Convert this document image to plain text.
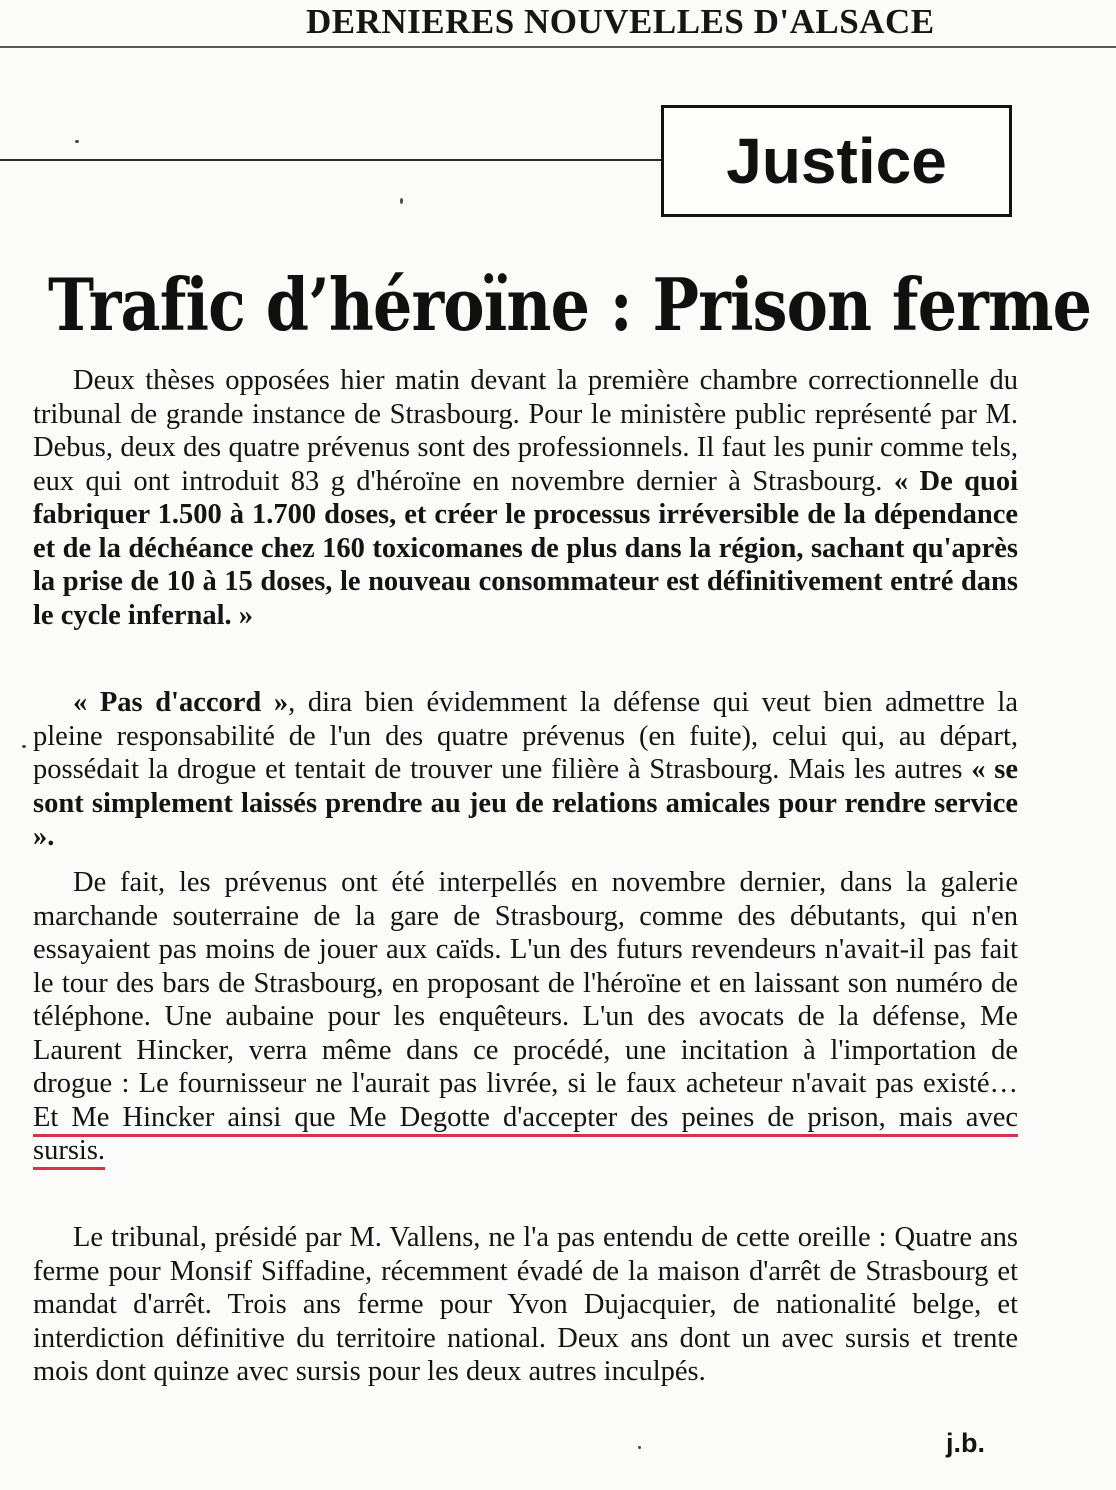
DERNIERES NOUVELLES D'ALSACE
Justice
Trafic d’héroïne : Prison ferme
Deux thèses opposées hier matin devant la première chambre correctionnelle du tribunal de grande instance de Strasbourg. Pour le ministère public représenté par M. Debus, deux des quatre prévenus sont des professionnels. Il faut les punir comme tels, eux qui ont introduit 83 g d'héroïne en novembre dernier à Strasbourg. « De quoi fabriquer 1.500 à 1.700 doses, et créer le processus irréversible de la dépendance et de la déchéance chez 160 toxicomanes de plus dans la région, sachant qu'après la prise de 10 à 15 doses, le nouveau consommateur est définitivement entré dans le cycle infernal. »
« Pas d'accord », dira bien évidemment la défense qui veut bien admettre la pleine responsabilité de l'un des quatre prévenus (en fuite), celui qui, au départ, possédait la drogue et tentait de trouver une filière à Strasbourg. Mais les autres « se sont simplement laissés prendre au jeu de relations amicales pour rendre service ».
De fait, les prévenus ont été interpellés en novembre dernier, dans la galerie marchande souterraine de la gare de Strasbourg, comme des débutants, qui n'en essayaient pas moins de jouer aux caïds. L'un des futurs revendeurs n'avait-il pas fait le tour des bars de Strasbourg, en proposant de l'héroïne et en laissant son numéro de téléphone. Une aubaine pour les enquêteurs. L'un des avocats de la défense, Me Laurent Hincker, verra même dans ce procédé, une incitation à l'importation de drogue : Le fournisseur ne l'aurait pas livrée, si le faux acheteur n'avait pas existé… Et Me Hincker ainsi que Me Degotte d'accepter des peines de prison, mais avec sursis.
Le tribunal, présidé par M. Vallens, ne l'a pas entendu de cette oreille : Quatre ans ferme pour Monsif Siffadine, récemment évadé de la maison d'arrêt de Strasbourg et mandat d'arrêt. Trois ans ferme pour Yvon Dujacquier, de nationalité belge, et interdiction définitive du territoire national. Deux ans dont un avec sursis et trente mois dont quinze avec sursis pour les deux autres inculpés.
j.b.
